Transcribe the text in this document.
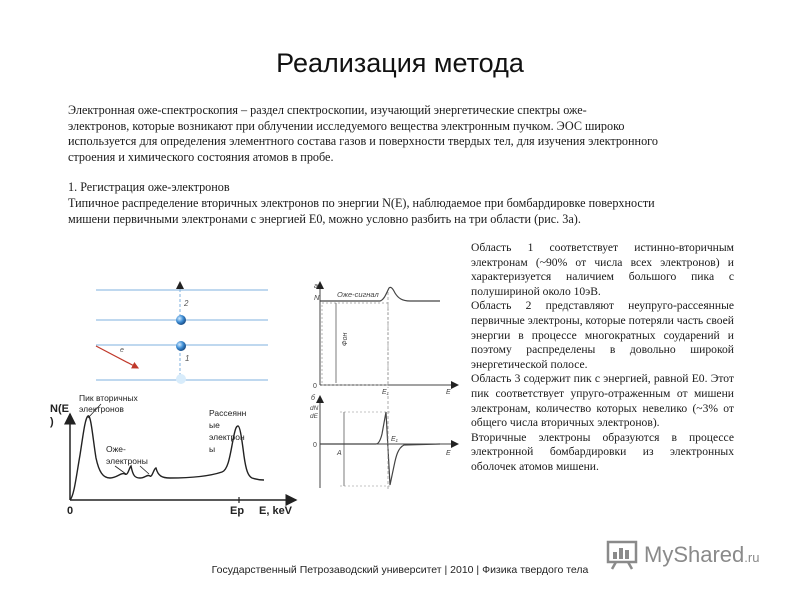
Реализация метода

Электронная оже-спектроскопия – раздел спектроскопии, изучающий энергетические спектры оже-

электронов, которые возникают при облучении исследуемого вещества электронным пучком. ЭОС широко

используется для определения элементного состава газов и поверхности твердых тел, для изучения электронного

строения и химического состояния атомов в пробе.

1. Регистрация оже-электронов

Типичное распределение вторичных электронов по энергии N(E), наблюдаемое при бомбардировке поверхности

мишени первичными электронами с энергией E0, можно условно разбить на три области (рис. 3а).

Область 1 соответствует истинно-вторичным электронам (~90% от числа всех электронов) и характеризуется наличием большого пика с полушириной около 10эВ.

Область 2 представляют неупруго-рассеянные первичные электроны, которые потеряли часть своей энергии в процессе многократных соударений и поэтому распределены в довольно широкой энергетической полосе.

Область 3 содержит пик с энергией, равной E0. Этот пик соответствует упруго-отраженным от мишени электронам, количество которых невелико (~3% от общего числа вторичных электронов).

Вторичные электроны образуются в процессе электронной бомбардировки из электронных оболочек атомов мишени.

2
1
e
N(E
)
Пик вторичных
электронов
Оже-
электроны
Рассеянн
ые
электрон
ы
0	Ep E, keV
a
N Оже-сигнал
Фон
0
E₁	E
б
dN
dE
A
0
E₁
E
MyShared.ru
Государственный Петрозаводский университет | 2010 | Физика твердого тела
